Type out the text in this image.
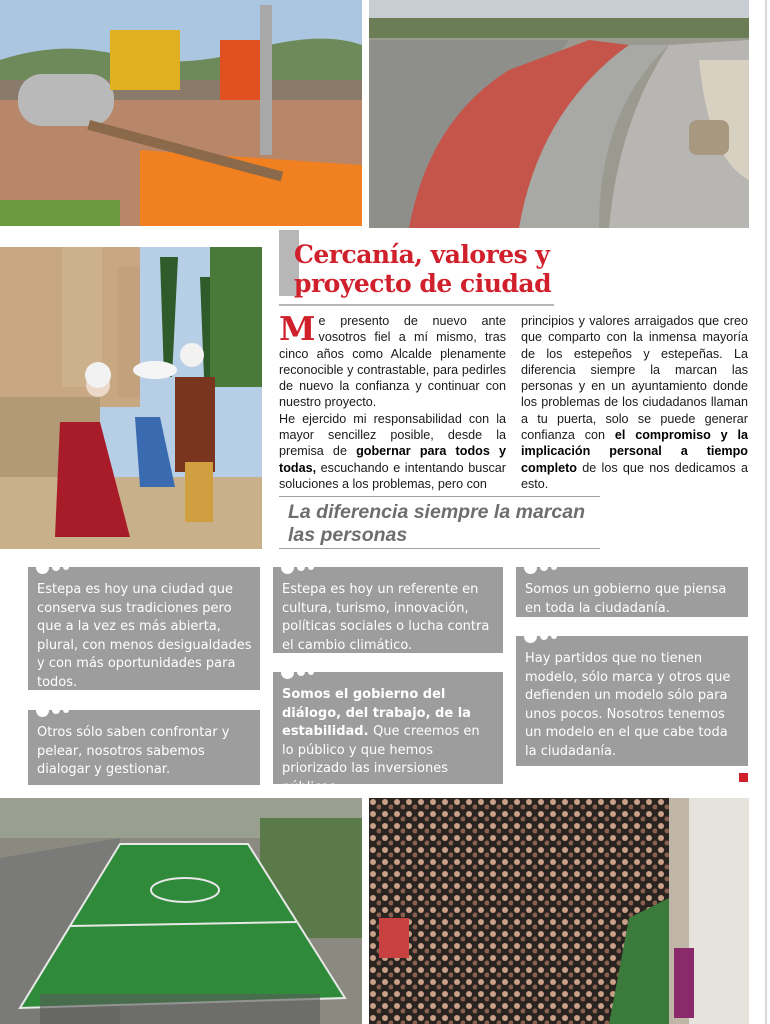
Cercanía, valores y
proyecto de ciudad

Me presento de nuevo ante vosotros fiel a mí mismo, tras cinco años como Alcalde plenamente reconocible y contrastable, para pedirles de nuevo la confianza y continuar con nuestro proyecto.

He ejercido mi responsabilidad con la mayor sencillez posible, desde la premisa de gobernar para todos y todas, escuchando e intentando buscar soluciones a los problemas, pero con

principios y valores arraigados que creo que comparto con la inmensa mayoría de los estepeños y estepeñas. La diferencia siempre la marcan las personas y en un ayuntamiento donde los problemas de los ciudadanos llaman a tu puerta, solo se puede generar confianza con el compromiso y la implicación personal a tiempo completo de los que nos dedicamos a esto.

La diferencia siempre la marcan las personas
Estepa es hoy una ciudad que conserva sus tradiciones pero que a la vez es más abierta, plural, con menos desigualdades y con más oportunidades para todos.
Otros sólo saben confrontar y pelear, nosotros sabemos dialogar y gestionar.
Estepa es hoy un referente en cultura, turismo, innovación, políticas sociales o lucha contra el cambio climático.
Somos el gobierno del diálogo, del trabajo, de la estabilidad. Que creemos en lo público y que hemos priorizado las inversiones públicas.
Somos un gobierno que piensa en toda la ciudadanía.
Hay partidos que no tienen modelo, sólo marca y otros que defienden un modelo sólo para unos pocos. Nosotros tenemos un modelo en el que cabe toda la ciudadanía.
